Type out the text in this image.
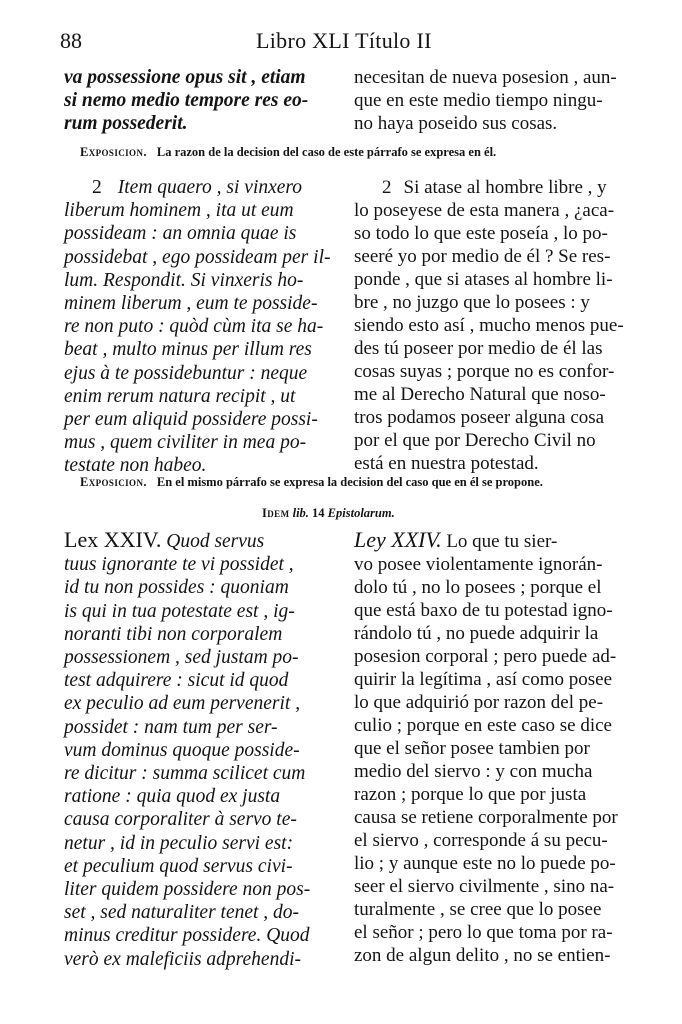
88	Libro XLI Título II
va possessione opus sit , etiam
si nemo medio tempore res eo-
rum possederit.
necesitan de nueva posesion , aun-
que en este medio tiempo ningu-
no haya poseido sus cosas.
Exposicion. La razon de la decision del caso de este párrafo se expresa en él.
2 Item quaero , si vinxero
liberum hominem , ita ut eum
possideam : an omnia quae is
possidebat , ego possideam per il-
lum. Respondit. Si vinxeris ho-
minem liberum , eum te posside-
re non puto : quòd cùm ita se ha-
beat , multo minus per illum res
ejus à te possidebuntur : neque
enim rerum natura recipit , ut
per eum aliquid possidere possi-
mus , quem civiliter in mea po-
testate non habeo.
2 Si atase al hombre libre , y
lo poseyese de esta manera , ¿aca-
so todo lo que este poseía , lo po-
seeré yo por medio de él ? Se res-
ponde , que si atases al hombre li-
bre , no juzgo que lo posees : y
siendo esto así , mucho menos pue-
des tú poseer por medio de él las
cosas suyas ; porque no es confor-
me al Derecho Natural que noso-
tros podamos poseer alguna cosa
por el que por Derecho Civil no
está en nuestra potestad.
Exposicion. En el mismo párrafo se expresa la decision del caso que en él se propone.
Idem lib. 14 Epistolarum.
Lex XXIV. Quod servus
tuus ignorante te vi possidet ,
id tu non possides : quoniam
is qui in tua potestate est , ig-
noranti tibi non corporalem
possessionem , sed justam po-
test adquirere : sicut id quod
ex peculio ad eum pervenerit ,
possidet : nam tum per ser-
vum dominus quoque posside-
re dicitur : summa scilicet cum
ratione : quia quod ex justa
causa corporaliter à servo te-
netur , id in peculio servi est:
et peculium quod servus civi-
liter quidem possidere non pos-
set , sed naturaliter tenet , do-
minus creditur possidere. Quod
verò ex maleficiis adprehendi-
Ley XXIV. Lo que tu sier-
vo posee violentamente ignorán-
dolo tú , no lo posees ; porque el
que está baxo de tu potestad igno-
rándolo tú , no puede adquirir la
posesion corporal ; pero puede ad-
quirir la legítima , así como posee
lo que adquirió por razon del pe-
culio ; porque en este caso se dice
que el señor posee tambien por
medio del siervo : y con mucha
razon ; porque lo que por justa
causa se retiene corporalmente por
el siervo , corresponde á su pecu-
lio ; y aunque este no lo puede po-
seer el siervo civilmente , sino na-
turalmente , se cree que lo posee
el señor ; pero lo que toma por ra-
zon de algun delito , no se entien-
